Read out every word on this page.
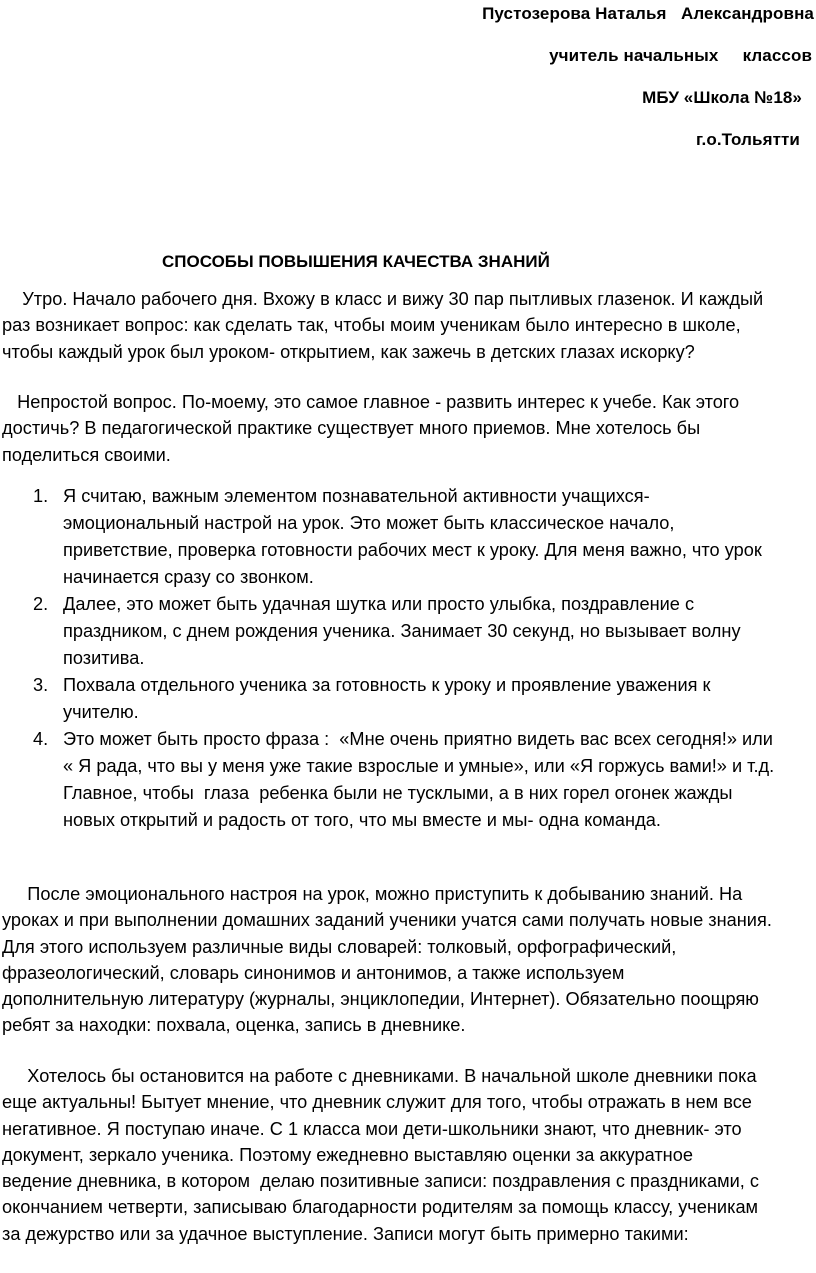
Пустозерова Наталья   Александровна
учитель начальных     классов
МБУ «Школа №18»
г.о.Тольятти
СПОСОБЫ ПОВЫШЕНИЯ КАЧЕСТВА ЗНАНИЙ
Утро. Начало рабочего дня. Вхожу в класс и вижу 30 пар пытливых глазенок. И каждый
раз возникает вопрос: как сделать так, чтобы моим ученикам было интересно в школе,
чтобы каждый урок был уроком- открытием, как зажечь в детских глазах искорку?
Непростой вопрос. По-моему, это самое главное - развить интерес к учебе. Как этого
достичь? В педагогической практике существует много приемов. Мне хотелось бы
поделиться своими.
1. Я считаю, важным элементом познавательной активности учащихся-
эмоциональный настрой на урок. Это может быть классическое начало,
приветствие, проверка готовности рабочих мест к уроку. Для меня важно, что урок
начинается сразу со звонком.
2. Далее, это может быть удачная шутка или просто улыбка, поздравление с
праздником, с днем рождения ученика. Занимает 30 секунд, но вызывает волну
позитива.
3. Похвала отдельного ученика за готовность к уроку и проявление уважения к
учителю.
4. Это может быть просто фраза :  «Мне очень приятно видеть вас всех сегодня!» или
« Я рада, что вы у меня уже такие взрослые и умные», или «Я горжусь вами!» и т.д.
Главное, чтобы  глаза  ребенка были не тусклыми, а в них горел огонек жажды
новых открытий и радость от того, что мы вместе и мы- одна команда.
После эмоционального настроя на урок, можно приступить к добыванию знаний. На
уроках и при выполнении домашних заданий ученики учатся сами получать новые знания.
Для этого используем различные виды словарей: толковый, орфографический,
фразеологический, словарь синонимов и антонимов, а также используем
дополнительную литературу (журналы, энциклопедии, Интернет). Обязательно поощряю
ребят за находки: похвала, оценка, запись в дневнике.
Хотелось бы остановится на работе с дневниками. В начальной школе дневники пока
еще актуальны! Бытует мнение, что дневник служит для того, чтобы отражать в нем все
негативное. Я поступаю иначе. С 1 класса мои дети-школьники знают, что дневник- это
документ, зеркало ученика. Поэтому ежедневно выставляю оценки за аккуратное
ведение дневника, в котором  делаю позитивные записи: поздравления с праздниками, с
окончанием четверти, записываю благодарности родителям за помощь классу, ученикам
за дежурство или за удачное выступление. Записи могут быть примерно такими:
